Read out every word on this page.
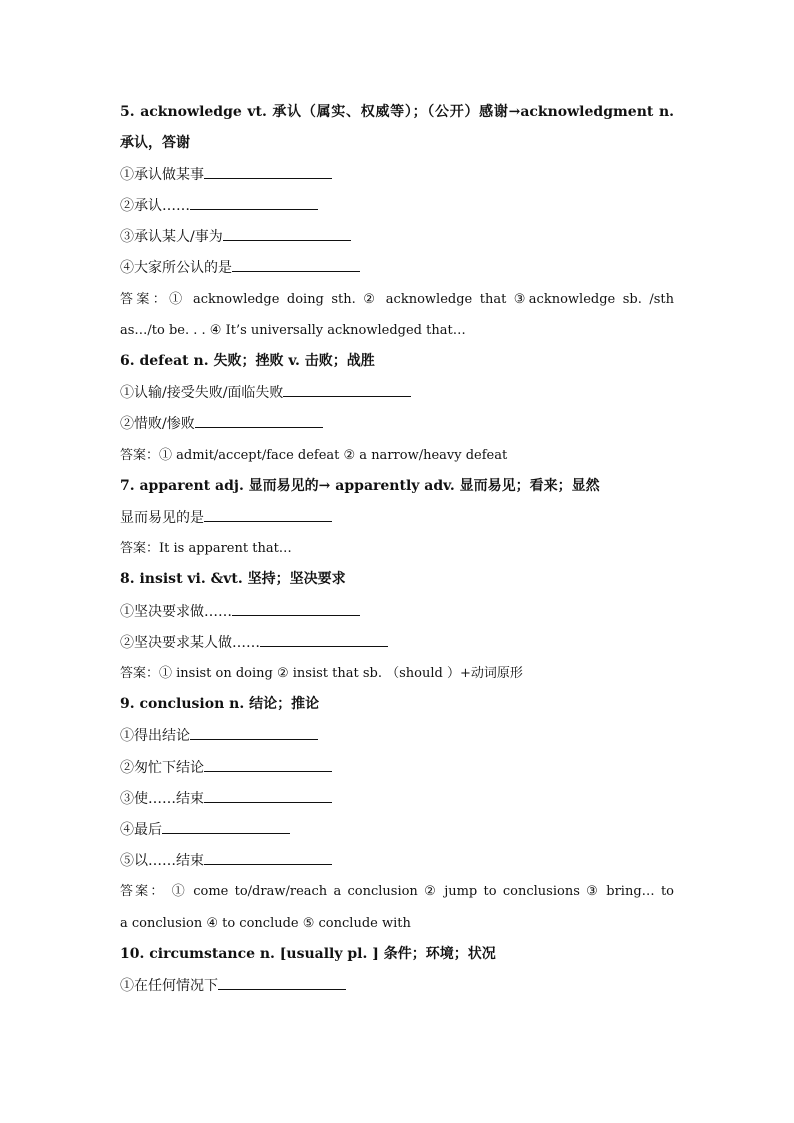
5. acknowledge vt. 承认（属实、权威等）；（公开）感谢→acknowledgment n.
承认，答谢
①承认做某事
②承认……
③承认某人/事为
④大家所公认的是
答案：① acknowledge doing sth. ② acknowledge that ③acknowledge sb. /sth
as…/to be. . . ④ It’s universally acknowledged that…
6. defeat n. 失败；挫败 v. 击败；战胜
①认输/接受失败/面临失败
②惜败/惨败
答案：① admit/accept/face defeat ② a narrow/heavy defeat
7. apparent adj. 显而易见的→ apparently adv. 显而易见；看来；显然
显而易见的是
答案：It is apparent that…
8. insist vi. &vt. 坚持；坚决要求
①坚决要求做……
②坚决要求某人做……
答案：① insist on doing ② insist that sb. （should ）+动词原形
9. conclusion n. 结论；推论
①得出结论
②匆忙下结论
③使……结束
④最后
⑤以……结束
答案： ① come to/draw/reach a conclusion ② jump to conclusions ③ bring… to
a conclusion ④ to conclude ⑤ conclude with
10. circumstance n. [usually pl. ] 条件；环境；状况
①在任何情况下
